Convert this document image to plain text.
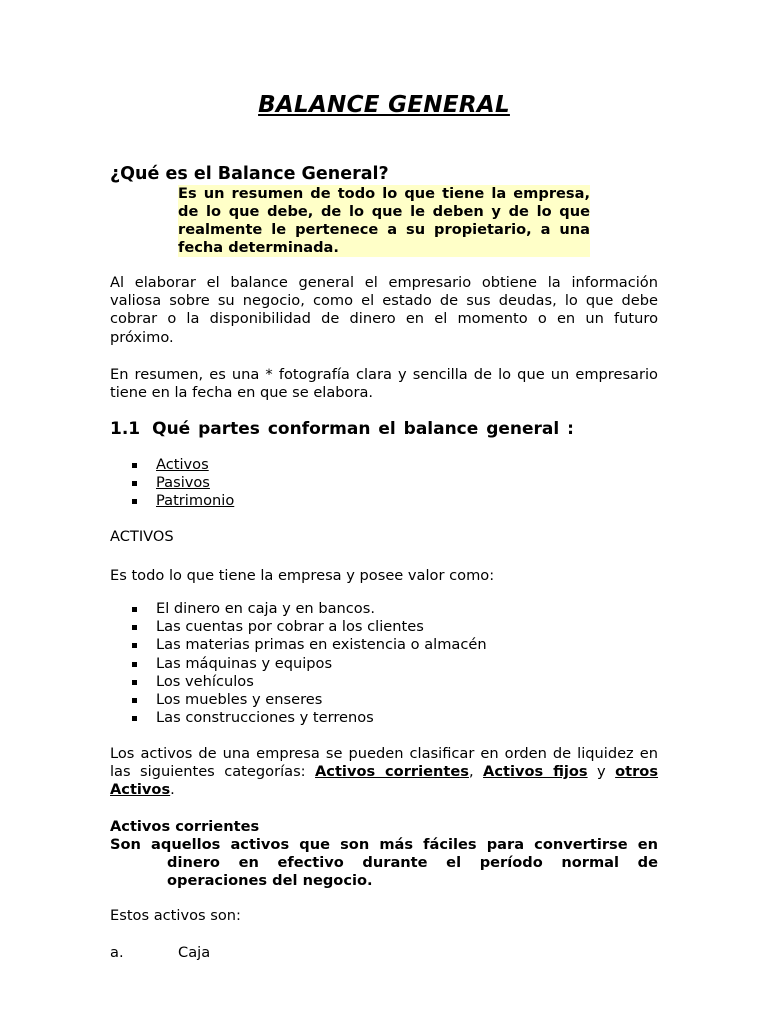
BALANCE GENERAL
¿Qué es el Balance General?

Es un resumen de todo lo que tiene la empresa, de lo que debe, de lo que le deben y de lo que realmente le pertenece a su propietario, a una fecha determinada.

Al elaborar el balance general el empresario obtiene la información valiosa sobre su negocio, como el estado de sus deudas, lo que debe cobrar o la disponibilidad de dinero en el momento o en un futuro próximo.

En resumen, es una * fotografía clara y sencilla de lo que un empresario tiene en la fecha en que se elabora.

1.1 Qué partes conforman el balance general :
Activos
Pasivos
Patrimonio

ACTIVOS

Es todo lo que tiene la empresa y posee valor como:

El dinero en caja y en bancos.
Las cuentas por cobrar a los clientes
Las materias primas en existencia o almacén
Las máquinas y equipos
Los vehículos
Los muebles y enseres
Las construcciones y terrenos

Los activos de una empresa se pueden clasificar en orden de liquidez en las siguientes categorías: Activos corrientes, Activos fijos y otros Activos.

Activos corrientes

Son aquellos activos que son más fáciles para convertirse en dinero en efectivo durante el período normal de operaciones del negocio.

Estos activos son:

a.	Caja
